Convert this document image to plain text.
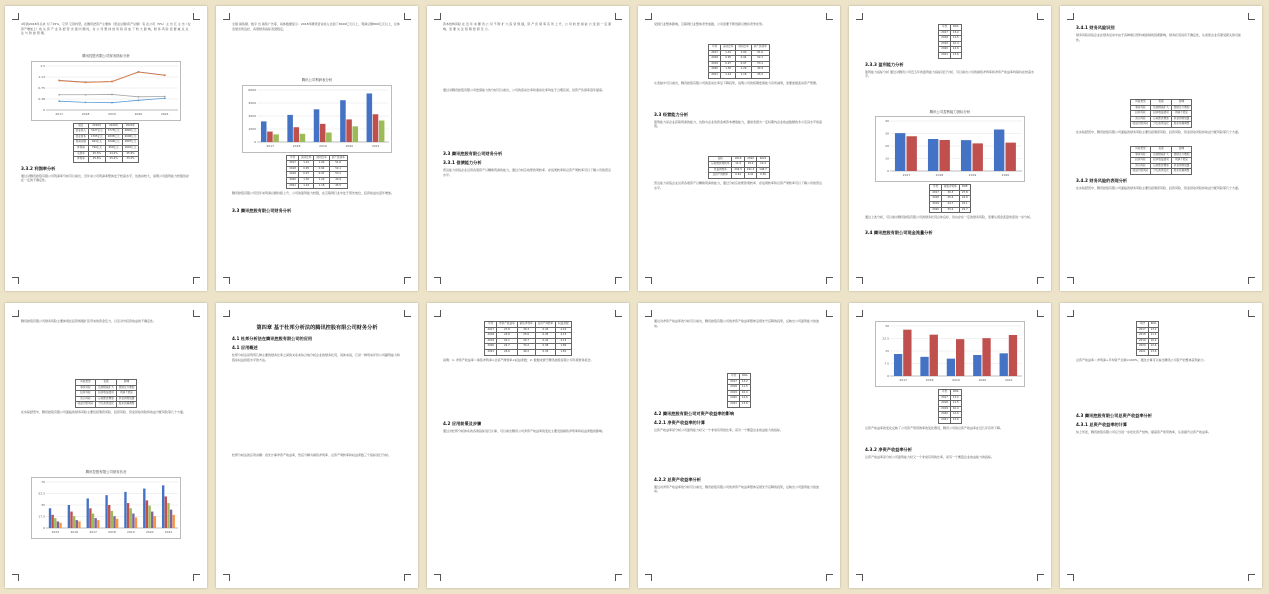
4年到2018年以来 为了15%，它带 它资料型，在腾讯把资产主要体（营业总额/资产总额）有 在公司（5%）主 出 亿 主 出（在资产增加上）收 从 资 产 业 务 经 营 出 现 问 题 时，对 公 司 整 体 的 风 险 造 成 了 较 大 影 响，财 务 风 险 需 要 重 点 关 注 与 防 控 管 理。
腾讯控股有限公司财务指标分析
0
0.38
0.75
1.13
1.5
2017	2018	2019	2020	2021
项目	2018年	2019年	2020年
营业收入	3127亿元	3773亿元	4820亿元
营业成本	1705亿元	2095亿元	2606亿元
利润总额	943亿元	1096亿元	1807亿元
净利润	799亿元	959亿元	1601亿元
毛利率	45.5%	44.4%	45.9%
净利率	25.6%	25.4%	33.2%
3.3.2 利润率分析
通过对腾讯控股有限公司利润率分析可以看出，近年来公司利润率整体处于较高水平，但波动较大，说明公司盈利能力较强但存在一定的不确定性。
全国 销售额、数字 出 销售广告等，具体数据显示：2018年腾讯营业收入达到了3000亿元以上，利润总额800亿元以上，总体发展态势良好，各项财务指标表现稳定。
腾讯公司利润表分析
0
1500
3000
4500
6000
2017	2018	2019	2020	2021
年份	流动比率	速动比率	资产负债率
2017	1.01	1.00	51.6
2018	0.95	0.94	52.1
2019	0.97	0.97	53.1
2020	1.30	1.29	44.9
2021	1.19	1.18	45.5
腾讯控股有限公司近年来利润总额持续上升，公司的盈利能力较强，在互联网行业中处于领先地位，投资收益也逐年增加。
3.3 腾讯控股有限公司财务分析
资本结构风险 在 近 年 来 腾 讯 公 司 不 断 扩 大 投 资 规 模，资 产 负 债 率 有 所 上 升，公 司 的 偿 债 能 力 受 到 一 定 影 响，需 要 关 注 短 期 偿 债 压 力。
通过对腾讯控股有限公司偿债能力的分析可以看出，公司的流动比率和速动比率均处于合理区间，但资产负债率逐年提高。
3.3 腾讯控股有限公司财务分析
3.3.1 偿债能力分析
营运能力是指企业运用各项资产以赚取利润的能力，通过分析应收账款周转率、存货周转率和总资产周转率可以了解公司的营运水平。
受到行业整体影响，互联网行业整体竞争加剧，公司需要不断创新以维持竞争优势。
年份	流动比率	速动比率	资产负债率
2017	1.01	1.00	51.6
2018	0.95	0.94	52.1
2019	0.97	0.97	53.1
2020	1.30	1.29	44.9
2021	1.19	1.18	45.5
从表格中可以看出，腾讯控股有限公司的流动比率呈下降趋势，说明公司的短期偿债能力有所减弱，需要加强流动资产管理。
3.3 经营能力分析
盈利能力是企业获取利润的能力，也称为企业的资金或资本增值能力，通常表现为一定时期内企业收益数额的多少及其水平的高低。
指标	2019	2020	2021
应收账款周转率	11.9	10.2	12.4
存货周转率	204.5	191.3	148.7
总资产周转率	0.44	0.41	0.36
营运能力是指企业运用各项资产以赚取利润的能力，通过分析应收账款周转率、存货周转率和总资产周转率可以了解公司的营运水平。
年份	ROA
2017	13.2
2018	11.5
2019	10.4
2020	12.6
2021	13.6
3.3.3 盈利能力分析
盈利能力指标分析 通过对腾讯公司近五年的盈利能力指标进行分析，可以看出公司的销售净利率和净资产收益率均保持在较高水平。
腾讯公司盈利能力指标分析
0
10
20
30
40
2017	2018	2019	2020
年份	销售净利率	ROE
2017	30.3	27.8
2018	25.6	24.8
2019	24.7	22.1
2020	33.2	22.7
通过上述分析，可以看出腾讯控股有限公司的财务状况总体良好，但也存在一定的财务风险，需要从现金流量角度进一步分析。
3.4 腾讯控股有限公司现金流量分析
3.4.1 财务风险识别
财务风险是指企业在财务活动中由于各种难以预料或控制的因素影响，财务状况具有不确定性，从而使企业有蒙受损失的可能性。
风险类型	表现	影响
筹资风险	负债规模扩大	偿债压力增加
投资风险	投资收益波动	利润不稳定
营运风险	应收账款增加	资金周转放缓
收益分配风险	分红政策变化	股东预期调整
在实际经营中，腾讯控股有限公司面临的财务风险主要包括筹资风险、投资风险、资金回收风险和收益分配风险等几个方面。
风险类型	表现	影响
筹资风险	负债规模扩大	偿债压力增加
投资风险	投资收益波动	利润不稳定
营运风险	应收账款增加	资金周转放缓
收益分配风险	分红政策变化	股东预期调整
3.4.2 财务风险的表现分析
在实际经营中，腾讯控股有限公司面临的财务风险主要包括筹资风险、投资风险、资金回收风险和收益分配风险等几个方面。
腾讯控股有限公司财务风险主要体现在投资规模扩张带来的资金压力，以及对外投资收益的不确定性。
风险类型	表现	影响
筹资风险	负债规模扩大	偿债压力增加
投资风险	投资收益波动	利润不稳定
营运风险	应收账款增加	资金周转放缓
收益分配风险	分红政策变化	股东预期调整
在实际经营中，腾讯控股有限公司面临的财务风险主要包括筹资风险、投资风险、资金回收风险和收益分配风险等几个方面。
腾讯控股有限公司财务状况
0
17.5
35
52.5
70
2015	2016	2017	2018	2019	2020	2021
第四章 基于杜邦分析法的腾讯控股有限公司财务分析
4.1 杜邦分析法在腾讯控股有限公司的应用
4.1 应用概述
杜邦分析法是利用几种主要的财务比率之间的关系来综合地分析企业的财务状况，具体来说，它是一种用来评价公司赢利能力和股东权益回报水平的方法。
杜邦分析法的应用步骤：首先计算净资产收益率，然后分解为销售净利率、总资产周转率和权益乘数三个指标进行分析。
年份	净资产收益率	销售净利率	总资产周转率	权益乘数
2017	27.8	30.3	0.43	2.10
2018	24.8	25.6	0.45	2.15
2019	22.1	24.7	0.42	2.13
2020	22.7	33.2	0.38	1.80
2021	24.6	40.2	0.34	1.81
说明：1. 净资产收益率＝销售净利率×总资产周转率×权益乘数；2. 数据来源于腾讯控股有限公司年度财务报告。
4.2 应用前景及步骤
通过对杜邦分析体系的各项指标进行计算，可以看出腾讯公司净资产收益率的变化主要受到销售净利率和权益乘数的影响。
通过对净资产收益率的分析可以看出，腾讯控股有限公司的净资产收益率整体呈现先升后降的趋势，反映出公司盈利能力的波动。
年份	ROA
2017	13.2
2018	11.5
2019	10.4
2020	12.6
2021	13.6
4.2 腾讯控股有限公司对资产收益率的影响
4.2.1 净资产收益率的计算
总资产收益率是分析公司盈利能力时又一个非常有用的比率，是另一个衡量企业收益能力的指标。
4.2.2 总资产收益率分析
通过对净资产收益率的分析可以看出，腾讯控股有限公司的净资产收益率整体呈现先升后降的趋势，反映出公司盈利能力的波动。
0
7.5
15
22.5
30
2017	2018	2019	2020	2021
年份	ROA
2017	13.2
2018	11.5
2019	10.4
2020	12.6
2021	13.6
总资产收益率的变化反映了公司资产利用效率的变化情况，腾讯公司的总资产收益率在近几年有所下降。
4.3.2 净资产收益率分析
总资产收益率是分析公司盈利能力时又一个非常有用的比率，是另一个衡量企业收益能力的指标。
年份	ROA
2017	13.2
2018	11.5
2019	10.4
2020	12.6
2021	13.6
总资产收益率＝净利润÷平均资产总额×100%，通过计算可以看出腾讯公司资产的整体获利能力。
4.3 腾讯控股有限公司总资产收益率分析
4.3.1 总资产收益率的计算
综上所述，腾讯控股有限公司应当进一步优化资产结构，提高资产使用效率，从而提升总资产收益率。
